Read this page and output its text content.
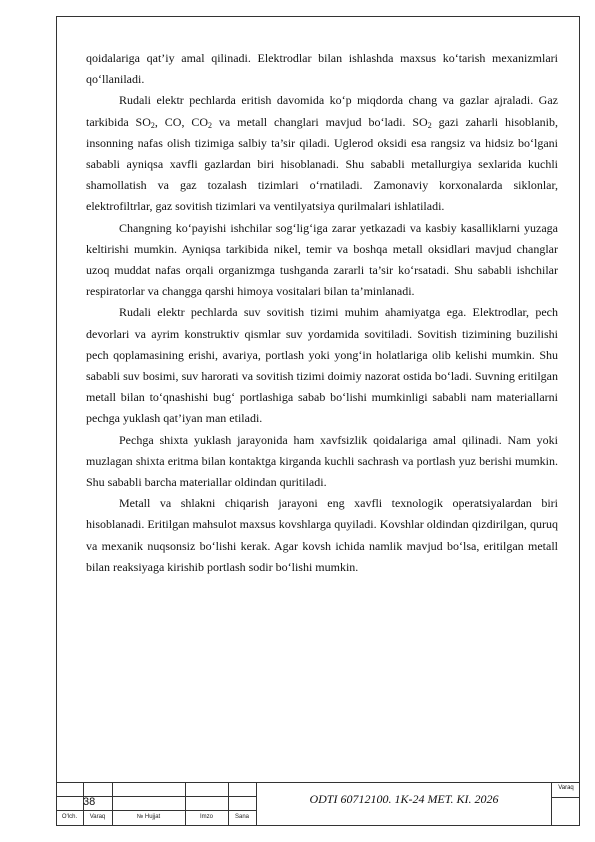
qoidalariga qat’iy amal qilinadi. Elektrodlar bilan ishlashda maxsus ko‘tarish mexanizmlari qo‘llaniladi.

Rudali elektr pechlarda eritish davomida ko‘p miqdorda chang va gazlar ajraladi. Gaz tarkibida $SO_2$, CO, $CO_2$ va metall changlari mavjud bo‘ladi. $SO_2$ gazi zaharli hisoblanib, insonning nafas olish tizimiga salbiy ta’sir qiladi. Uglerod oksidi esa rangsiz va hidsiz bo‘lgani sababli ayniqsa xavfli gazlardan biri hisoblanadi. Shu sababli metallurgiya sexlarida kuchli shamollatish va gaz tozalash tizimlari o‘rnatiladi. Zamonaviy korxonalarda siklonlar, elektrofiltrlar, gaz sovitish tizimlari va ventilyatsiya qurilmalari ishlatiladi.

Changning ko‘payishi ishchilar sog‘lig‘iga zarar yetkazadi va kasbiy kasalliklarni yuzaga keltirishi mumkin. Ayniqsa tarkibida nikel, temir va boshqa metall oksidlari mavjud changlar uzoq muddat nafas orqali organizmga tushganda zararli ta’sir ko‘rsatadi. Shu sababli ishchilar respiratorlar va changga qarshi himoya vositalari bilan ta’minlanadi.

Rudali elektr pechlarda suv sovitish tizimi muhim ahamiyatga ega. Elektrodlar, pech devorlari va ayrim konstruktiv qismlar suv yordamida sovitiladi. Sovitish tizimining buzilishi pech qoplamasining erishi, avariya, portlash yoki yong‘in holatlariga olib kelishi mumkin. Shu sababli suv bosimi, suv harorati va sovitish tizimi doimiy nazorat ostida bo‘ladi. Suvning eritilgan metall bilan to‘qnashishi bug‘ portlashiga sabab bo‘lishi mumkinligi sababli nam materiallarni pechga yuklash qat’iyan man etiladi.

Pechga shixta yuklash jarayonida ham xavfsizlik qoidalariga amal qilinadi. Nam yoki muzlagan shixta eritma bilan kontaktga kirganda kuchli sachrash va portlash yuz berishi mumkin. Shu sababli barcha materiallar oldindan quritiladi.

Metall va shlakni chiqarish jarayoni eng xavfli texnologik operatsiyalardan biri hisoblanadi. Eritilgan mahsulot maxsus kovshlarga quyiladi. Kovshlar oldindan qizdirilgan, quruq va mexanik nuqsonsiz bo‘lishi kerak. Agar kovsh ichida namlik mavjud bo‘lsa, eritilgan metall bilan reaksiyaga kirishib portlash sodir bo‘lishi mumkin.

38	ODTI 60712100. 1K-24 MET. KI. 2026
Varaq
O‘lch.	Varaq	№ Hujjat	Imzo	Sana
